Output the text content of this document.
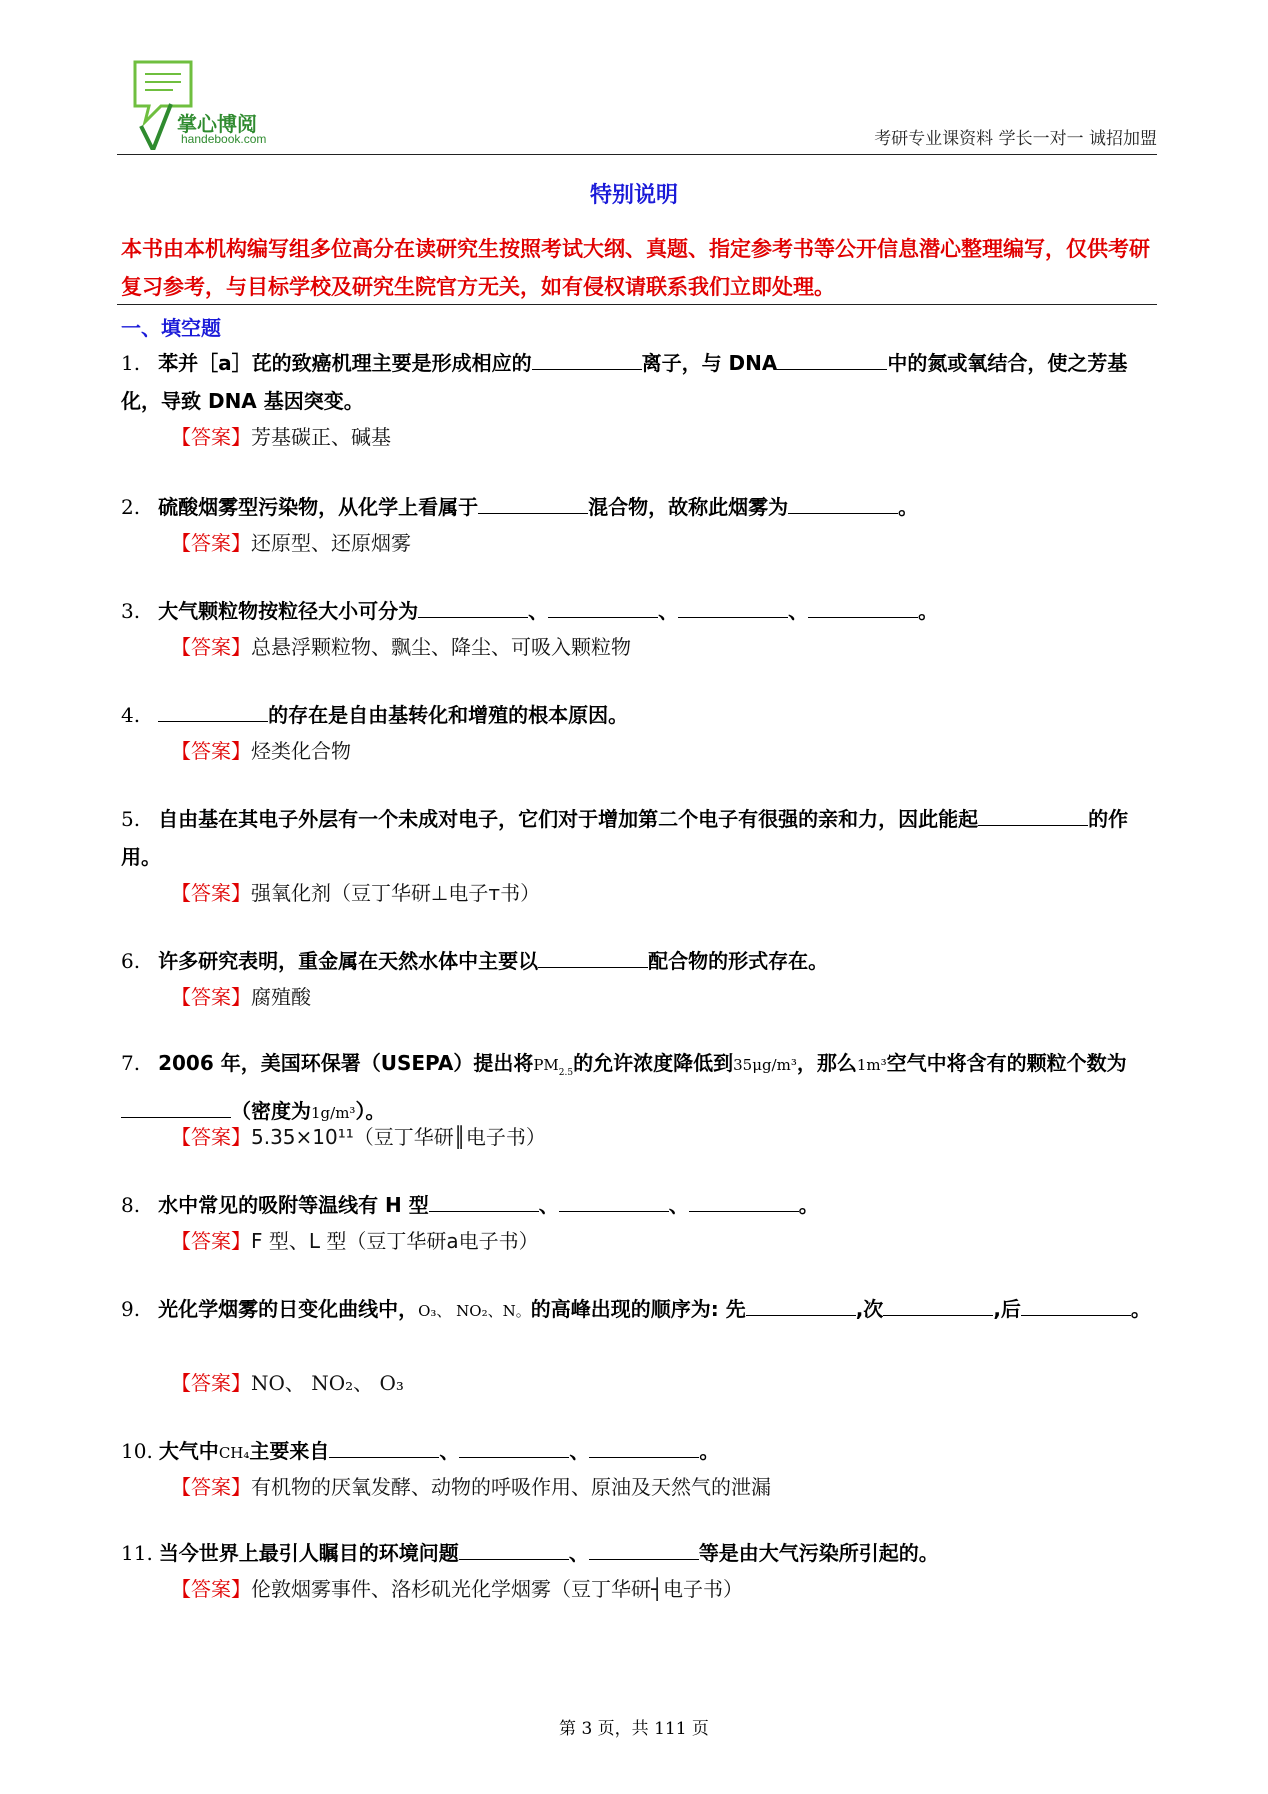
掌心博阅
handebook.com	考研专业课资料 学长一对一 诚招加盟
特别说明
本书由本机构编写组多位高分在读研究生按照考试大纲、真题、指定参考书等公开信息潜心整理编写，仅供考研复习参考，与目标学校及研究生院官方无关，如有侵权请联系我们立即处理。
一、填空题
1. 苯并［a］芘的致癌机理主要是形成相应的	离子，与 DNA	中的氮或氧结合，使之芳基化，导致 DNA 基因突变。
【答案】芳基碳正、碱基
2. 硫酸烟雾型污染物，从化学上看属于	混合物，故称此烟雾为	。
【答案】还原型、还原烟雾
3. 大气颗粒物按粒径大小可分为	、	、	、	。
【答案】总悬浮颗粒物、飘尘、降尘、可吸入颗粒物
4.	的存在是自由基转化和增殖的根本原因。
【答案】烃类化合物
5. 自由基在其电子外层有一个未成对电子，它们对于增加第二个电子有很强的亲和力，因此能起	的作用。
【答案】强氧化剂（豆丁华研⊥电子ᴛ书）
6. 许多研究表明，重金属在天然水体中主要以	配合物的形式存在。
【答案】腐殖酸
7. 2006 年，美国环保署（USEPA）提出将$PM_{2.5}$的允许浓度降低到35μg/m³，那么1m³空气中将含有的颗粒个数为（密度为1g/m³）。
【答案】5.35×10¹¹（豆丁华研║电子书）
8. 水中常见的吸附等温线有 H 型	、	、	。
【答案】F 型、L 型（豆丁华研a电子书）
9. 光化学烟雾的日变化曲线中，O₃、 NO₂、N。的高峰出现的顺序为: 先	,次	,后	。
【答案】NO、 NO₂、 O₃
10. 大气中CH₄主要来自	、	、	。
【答案】有机物的厌氧发酵、动物的呼吸作用、原油及天然气的泄漏
11. 当今世界上最引人瞩目的环境问题	、	等是由大气污染所引起的。
【答案】伦敦烟雾事件、洛杉矶光化学烟雾（豆丁华研┤电子书）
第 3 页，共 111 页
